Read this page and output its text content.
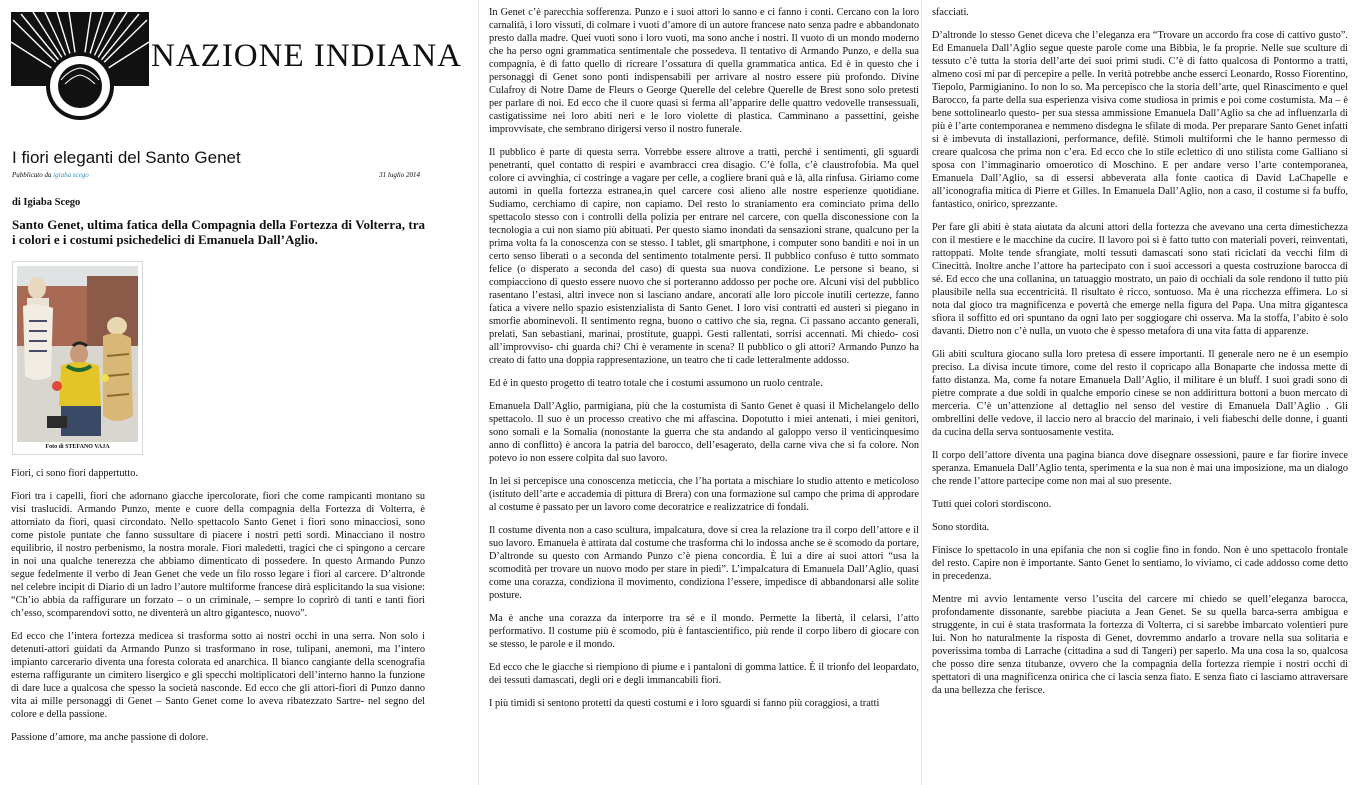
NAZIONE INDIANA
I fiori eleganti del Santo Genet
Pubblicato da igiaba scego	31 luglio 2014
di Igiaba Scego
Santo Genet, ultima fatica della Compagnia della Fortezza di Volterra, tra i colori e i costumi psichedelici di Emanuela Dall’Aglio.
Foto di STEFANO VAJA

Fiori, ci sono fiori dappertutto.

Fiori tra i capelli, fiori che adornano giacche ipercolorate, fiori che come rampicanti montano su visi traslucidi. Armando Punzo, mente e cuore della compagnia della Fortezza di Volterra, è attorniato da fiori, quasi circondato. Nello spettacolo Santo Genet i fiori sono minacciosi, sono come pistole puntate che fanno sussultare di piacere i nostri petti sordi. Minacciano il nostro equilibrio, il nostro perbenismo, la nostra morale. Fiori maledetti, tragici che ci spingono a cercare in noi una qualche tenerezza che abbiamo dimenticato di possedere. In questo Armando Punzo segue fedelmente il verbo di Jean Genet che vede un filo rosso legare i fiori al carcere. D’altronde nel celebre incipit di Diario di un ladro l’autore multiforme francese dirà esplicitando la sua visione: “Ch’io abbia da raffigurare un forzato – o un criminale, – sempre lo coprirò di tanti e tanti fiori ch’esso, scomparendovi sotto, ne diventerà un altro gigantesco, nuovo”.

Ed ecco che l’intera fortezza medicea si trasforma sotto ai nostri occhi in una serra. Non solo i detenuti-attori guidati da Armando Punzo si trasformano in rose, tulipani, anemoni, ma l’intero impianto carcerario diventa una foresta colorata ed anarchica. Il bianco cangiante della scenografia esterna raffigurante un cimitero lisergico e gli specchi moltiplicatori dell’interno hanno la funzione di dare luce a qualcosa che spesso la società nasconde. Ed ecco che gli attori-fiori di Punzo danno vita ai mille personaggi di Genet – Santo Genet come lo aveva ribatezzato Sartre- nel segno del colore e della passione.

Passione d’amore, ma anche passione di dolore.

In Genet c’è parecchia sofferenza. Punzo e i suoi attori lo sanno e ci fanno i conti. Cercano con la loro carnalità, i loro vissuti, di colmare i vuoti d’amore di un autore francese nato senza padre e abbandonato presto dalla madre. Quei vuoti sono i loro vuoti, ma sono anche i nostri. Il vuoto di un mondo moderno che ha perso ogni grammatica sentimentale che possedeva. Il tentativo di Armando Punzo, e della sua compagnia, è di fatto quello di ricreare l’ossatura di quella grammatica antica. Ed è in questo che i personaggi di Genet sono ponti indispensabili per arrivare al nostro essere più profondo. Divine Culafroy di Notre Dame de Fleurs o George Querelle del celebre Querelle de Brest sono solo pretesti per parlare di noi. Ed ecco che il cuore quasi si ferma all’apparire delle quattro vedovelle transessuali, castigatissime nei loro abiti neri e le loro violette di plastica. Camminano a passettini, geishe improvvisate, che sembrano dirigersi verso il nostro funerale.

Il pubblico è parte di questa serra. Vorrebbe essere altrove a tratti, perché i sentimenti, gli sguardi penetranti, quel contatto di respiri e avambracci crea disagio. C’è folla, c’è claustrofobia. Ma quel colore ci avvinghia, ci costringe a vagare per celle, a cogliere brani quà e là, alla rinfusa. Giriamo come automi in quella fortezza estranea,in quel carcere così alieno alle nostre esperienze quotidiane. Sudiamo, cerchiamo di capire, non capiamo. Del resto lo straniamento era cominciato prima dello spettacolo stesso con i controlli della polizia per entrare nel carcere, con quella disconessione con la tecnologia a cui non siamo più abituati. Per questo siamo inondati da sensazioni strane, qualcuno per la prima volta fa la conoscenza con se stesso. I tablet, gli smartphone, i computer sono banditi e noi in un certo senso liberati o a seconda del sentimento totalmente persi. Il pubblico confuso è tutto sommato felice (o disperato a seconda del caso) di questa sua nuova condizione. Le persone si beano, si compiacciono di questo essere nuovo che si porteranno addosso per poche ore. Alcuni visi del pubblico rasentano l’estasi, altri invece non si lasciano andare, ancorati alle loro piccole inutili certezze, fanno fatica a vivere nello spazio esistenzialista di Santo Genet. I loro visi contratti ed austeri si piegano in smorfie abominevoli. Il sentimento regna, buono o cattivo che sia, regna. Ci passano accanto generali, prelati, San sebastiani, marinai, prostitute, guappi. Gesti rallentati, sorrisi accennati. Mi chiedo- così all’improvviso- chi guarda chi? Chi è veramente in scena? Il pubblico o gli attori? Armando Punzo ha creato di fatto una doppia rappresentazione, un teatro che ti cade letteralmente addosso.

Ed è in questo progetto di teatro totale che i costumi assumono un ruolo centrale.

Emanuela Dall’Aglio, parmigiana, più che la costumista di Santo Genet è quasi il Michelangelo dello spettacolo. Il suo è un processo creativo che mi affascina. Dopotutto i miei antenati, i miei genitori, sono somali e la Somalia (nonostante la guerra che sta andando al galoppo verso il venticinquesimo anno di conflitto) è ancora la patria del barocco, dell’esagerato, della carne viva che si fa colore. Non potevo io non essere colpita dal suo lavoro.

In lei si percepisce una conoscenza meticcia, che l’ha portata a mischiare lo studio attento e meticoloso (istituto dell’arte e accademia di pittura di Brera) con una formazione sul campo che prima di approdare al costume è passato per un lavoro come decoratrice e realizzatrice di fondali.

Il costume diventa non a caso scultura, impalcatura, dove si crea la relazione tra il corpo dell’attore e il suo lavoro. Emanuela è attirata dal costume che trasforma chi lo indossa anche se è scomodo da portare, D’altronde su questo con Armando Punzo c’è piena concordia. È lui a dire ai suoi attori “usa la scomodità per trovare un nuovo modo per stare in piedi”. L’impalcatura di Emanuela Dall’Aglio, quasi come una corazza, condiziona il movimento, condiziona l’essere, impedisce di abbandonarsi alle solite posture.

Ma è anche una corazza da interporre tra sé e il mondo. Permette la libertà, il celarsi, l’atto performativo. Il costume più è scomodo, più è fantascientifico, più rende il corpo libero di giocare con se stesso, le parole e il mondo.

Ed ecco che le giacche si riempiono di piume e i pantaloni di gomma lattice. È il trionfo del leopardato, dei tessuti damascati, degli ori e degli immancabili fiori.

I più timidi si sentono protetti da questi costumi e i loro sguardi si fanno più coraggiosi, a tratti

sfacciati.

D’altronde lo stesso Genet diceva che l’eleganza era “Trovare un accordo fra cose di cattivo gusto”. Ed Emanuela Dall’Aglio segue queste parole come una Bibbia, le fa proprie. Nelle sue sculture di tessuto c’è tutta la storia dell’arte dei suoi primi studi. C’è di fatto qualcosa di Pontormo a tratti, almeno così mi par di percepire a pelle. In verità potrebbe anche esserci Leonardo, Rosso Fiorentino, Tiepolo, Parmigianino. Io non lo so. Ma percepisco che la storia dell’arte, quel Rinascimento e quel Barocco, fa parte della sua esperienza visiva come studiosa in primis e poi come costumista. Ma – è bene sottolinearlo questo- per sua stessa ammissione Emanuela Dall’Aglio sa che ad influenzarla di più è l’arte contemporanea e nemmeno disdegna le sfilate di moda. Per preparare Santo Genet infatti si è imbevuta di installazioni, performance, defilè. Stimoli multiformi che le hanno permesso di creare qualcosa che prima non c’era. Ed ecco che lo stile eclettico di uno stilista come Galliano si sposa con l’immaginario omoerotico di Moschino. E per andare verso l’arte contemporanea, Emanuela Dall’Aglio, sa di essersi abbeverata alla fonte caotica di David LaChapelle e all’iconografia mitica di Pierre et Gilles. In Emanuela Dall’Aglio, non a caso, il costume si fa buffo, fantastico, onirico, sprezzante.

Per fare gli abiti è stata aiutata da alcuni attori della fortezza che avevano una certa dimestichezza con il mestiere e le macchine da cucire. Il lavoro poi si è fatto tutto con materiali poveri, reinventati, rattoppati. Molte tende sfrangiate, molti tessuti damascati sono stati riciclati da vecchi film di Cinecittà. Inoltre anche l’attore ha partecipato con i suoi accessori a questa costruzione barocca di sé. Ed ecco che una collanina, un tatuaggio mostrato, un paio di occhiali da sole rendono il tutto più plausibile nella sua eccentricità. Il risultato è ricco, sontuoso. Ma è una ricchezza effimera. Lo si nota dal gioco tra magnificenza e povertà che emerge nella figura del Papa. Una mitra gigantesca sfiora il soffitto ed ori spuntano da ogni lato per soggiogare chi osserva. Ma la stoffa, l’abito è solo davanti. Dietro non c’è nulla, un vuoto che è spesso metafora di una vita fatta di apparenze.

Gli abiti scultura giocano sulla loro pretesa di essere importanti. Il generale nero ne è un esempio preciso. La divisa incute timore, come del resto il copricapo alla Bonaparte che indossa mette di fatto distanza. Ma, come fa notare Emanuela Dall’Aglio, il militare è un bluff. I suoi gradi sono di pietre comprate a due soldi in qualche emporio cinese se non addirittura bottoni a buon mercato di merceria. C’è un’attenzione al dettaglio nel senso del vestire di Emanuela Dall’Aglio . Gli ombrellini delle vedove, il laccio nero al braccio del marinaio, i veli fiabeschi delle donne, i guanti da cucina della serva sontuosamente vestita.

Il corpo dell’attore diventa una pagina bianca dove disegnare ossessioni, paure e far fiorire invece speranza. Emanuela Dall’Aglio tenta, sperimenta e la sua non è mai una imposizione, ma un dialogo che rende l’attore partecipe come non mai al suo presente.

Tutti quei colori stordiscono.

Sono stordita.

Finisce lo spettacolo in una epifania che non si coglie fino in fondo. Non è uno spettacolo frontale del resto. Capire non è importante. Santo Genet lo sentiamo, lo viviamo, ci cade addosso come detto in precedenza.

Mentre mi avvio lentamente verso l’uscita del carcere mi chiedo se quell’eleganza barocca, profondamente dissonante, sarebbe piaciuta a Jean Genet. Se su quella barca-serra ambigua e struggente, in cui è stata trasformata la fortezza di Volterra, ci si sarebbe imbarcato volentieri pure lui. Non ho naturalmente la risposta di Genet, dovremmo andarlo a trovare nella sua solitaria e poverissima tomba di Larrache (cittadina a sud di Tangeri) per saperlo. Ma una cosa la so, qualcosa che posso dire senza titubanze, ovvero che la compagnia della fortezza riempie i nostri occhi di spettatori di una magnificenza onirica che ci lascia senza fiato. E senza fiato ci lasciamo attraversare da una bellezza che ferisce.
